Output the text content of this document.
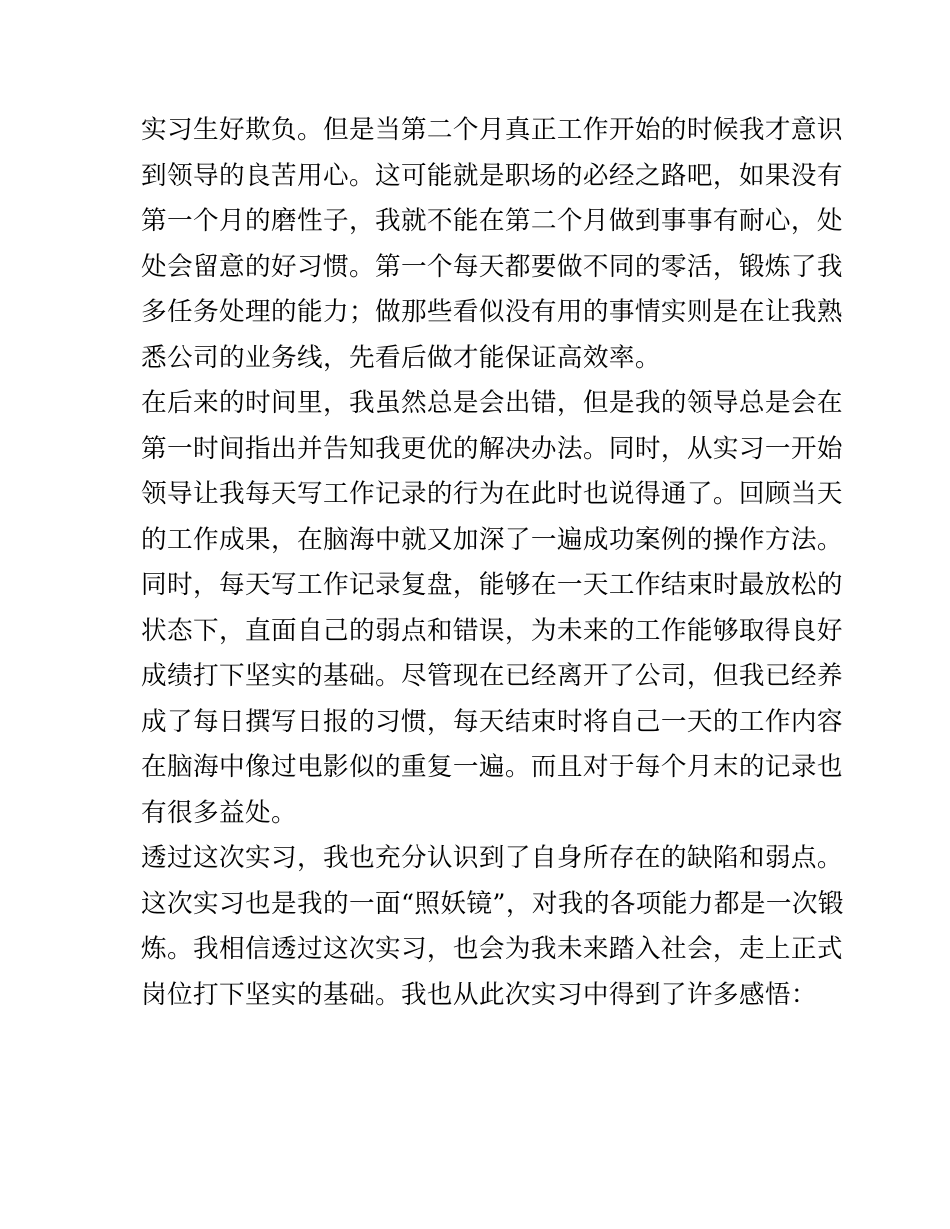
实习生好欺负。但是当第二个月真正工作开始的时候我才意识
到领导的良苦用心。这可能就是职场的必经之路吧，如果没有
第一个月的磨性子，我就不能在第二个月做到事事有耐心，处
处会留意的好习惯。第一个每天都要做不同的零活，锻炼了我
多任务处理的能力；做那些看似没有用的事情实则是在让我熟
悉公司的业务线，先看后做才能保证高效率。
在后来的时间里，我虽然总是会出错，但是我的领导总是会在
第一时间指出并告知我更优的解决办法。同时，从实习一开始
领导让我每天写工作记录的行为在此时也说得通了。回顾当天
的工作成果，在脑海中就又加深了一遍成功案例的操作方法。
同时，每天写工作记录复盘，能够在一天工作结束时最放松的
状态下，直面自己的弱点和错误，为未来的工作能够取得良好
成绩打下坚实的基础。尽管现在已经离开了公司，但我已经养
成了每日撰写日报的习惯，每天结束时将自己一天的工作内容
在脑海中像过电影似的重复一遍。而且对于每个月末的记录也
有很多益处。
透过这次实习，我也充分认识到了自身所存在的缺陷和弱点。
这次实习也是我的一面“照妖镜”，对我的各项能力都是一次锻
炼。我相信透过这次实习，也会为我未来踏入社会，走上正式
岗位打下坚实的基础。我也从此次实习中得到了许多感悟：
